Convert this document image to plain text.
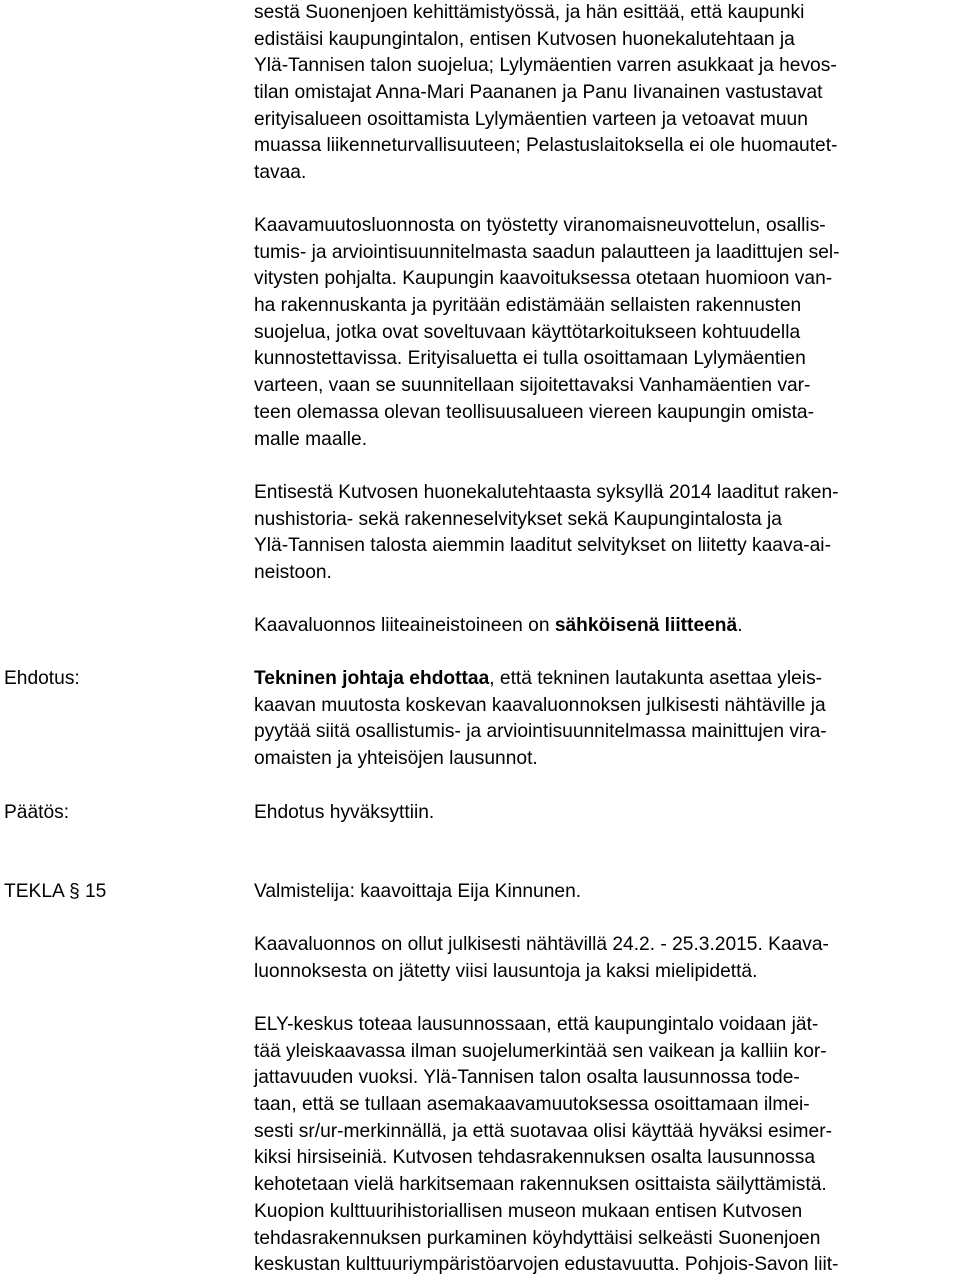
sestä Suonenjoen kehittämistyössä, ja hän esittää, että kaupunki
edistäisi kaupungintalon, entisen Kutvosen huonekalutehtaan ja
Ylä-Tannisen talon suojelua; Lylymäentien varren asukkaat ja hevos-
tilan omistajat Anna-Mari Paananen ja Panu Iivanainen vastustavat
erityisalueen osoittamista Lylymäentien varteen ja vetoavat muun
muassa liikenneturvallisuuteen; Pelastuslaitoksella ei ole huomautet-
tavaa.
Kaavamuutosluonnosta on työstetty viranomaisneuvottelun, osallis-
tumis- ja arviointisuunnitelmasta saadun palautteen ja laadittujen sel-
vitysten pohjalta. Kaupungin kaavoituksessa otetaan huomioon van-
ha rakennuskanta ja pyritään edistämään sellaisten rakennusten
suojelua, jotka ovat soveltuvaan käyttötarkoitukseen kohtuudella
kunnostettavissa. Erityisaluetta ei tulla osoittamaan Lylymäentien
varteen, vaan se suunnitellaan sijoitettavaksi Vanhamäentien var-
teen olemassa olevan teollisuusalueen viereen kaupungin omista-
malle maalle.
Entisestä Kutvosen huonekalutehtaasta syksyllä 2014 laaditut raken-
nushistoria- sekä rakenneselvitykset sekä Kaupungintalosta ja
Ylä-Tannisen talosta aiemmin laaditut selvitykset on liitetty kaava-ai-
neistoon.
Kaavaluonnos liiteaineistoineen on sähköisenä liitteenä.
Ehdotus:	Tekninen johtaja ehdottaa, että tekninen lautakunta asettaa yleis-
kaavan muutosta koskevan kaavaluonnoksen julkisesti nähtäville ja
pyytää siitä osallistumis- ja arviointisuunnitelmassa mainittujen vira-
omaisten ja yhteisöjen lausunnot.
Päätös:	Ehdotus hyväksyttiin.
TEKLA § 15	Valmistelija: kaavoittaja Eija Kinnunen.
Kaavaluonnos on ollut julkisesti nähtävillä 24.2. - 25.3.2015. Kaava-
luonnoksesta on jätetty viisi lausuntoja ja kaksi mielipidettä.
ELY-keskus toteaa lausunnossaan, että kaupungintalo voidaan jät-
tää yleiskaavassa ilman suojelumerkintää sen vaikean ja kalliin kor-
jattavuuden vuoksi. Ylä-Tannisen talon osalta lausunnossa tode-
taan, että se tullaan asemakaavamuutoksessa osoittamaan ilmei-
sesti sr/ur-merkinnällä, ja että suotavaa olisi käyttää hyväksi esimer-
kiksi hirsiseiniä. Kutvosen tehdasrakennuksen osalta lausunnossa
kehotetaan vielä harkitsemaan rakennuksen osittaista säilyttämistä.
Kuopion kulttuurihistoriallisen museon mukaan entisen Kutvosen
tehdasrakennuksen purkaminen köyhdyttäisi selkeästi Suonenjoen
keskustan kulttuuriympäristöarvojen edustavuutta. Pohjois-Savon liit-
